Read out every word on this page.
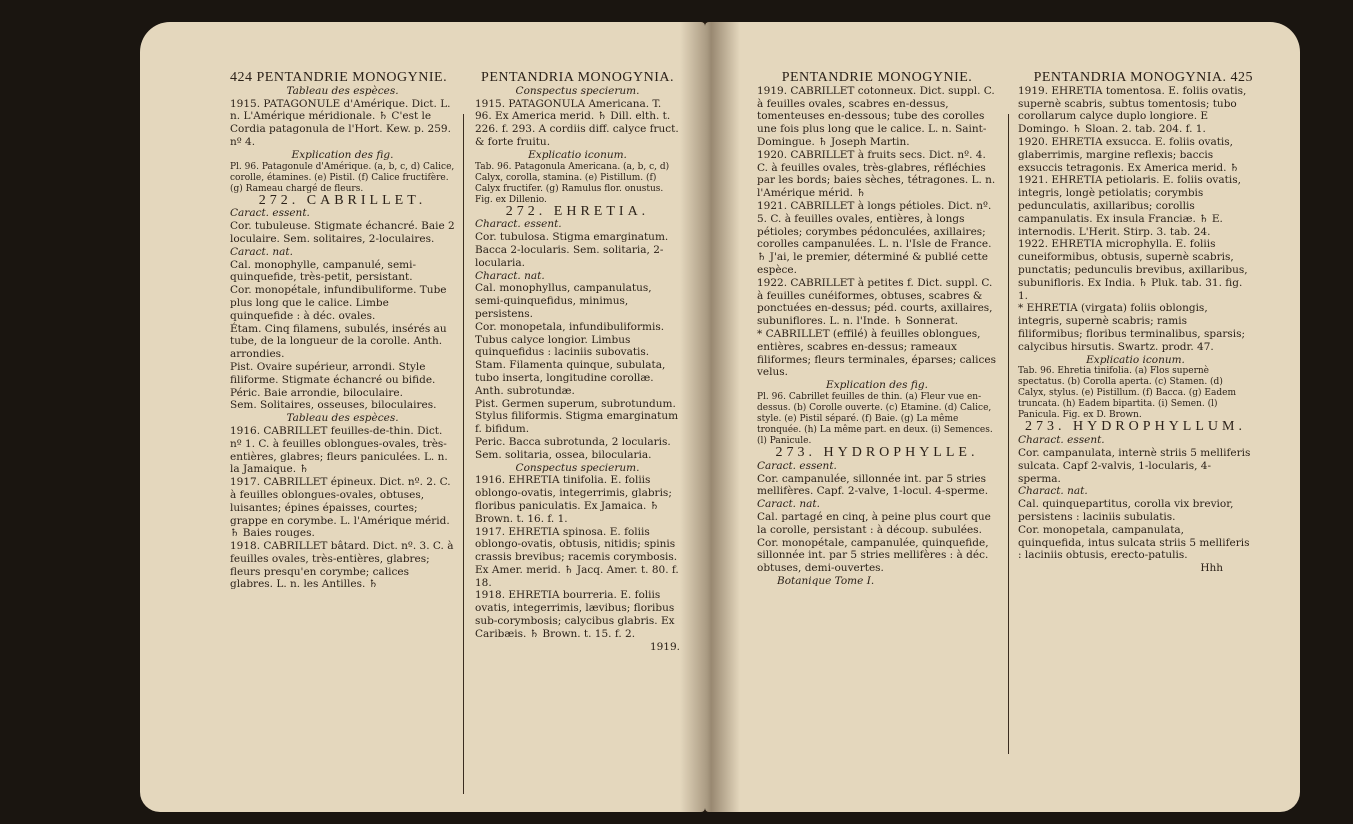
424 PENTANDRIE MONOGYNIE.

Tableau des espèces.

1915. PATAGONULE d'Amérique. Dict. L. n. L'Amérique méridionale. ♄ C'est le Cordia patagonula de l'Hort. Kew. p. 259. nº 4.

Explication des fig.

Pl. 96. Patagonule d'Amérique. (a, b, c, d) Calice, corolle, étamines. (e) Pistil. (f) Calice fructifère. (g) Rameau chargé de fleurs.

272. CABRILLET.

Caract. essent.

Cor. tubuleuse. Stigmate échancré. Baie 2 loculaire. Sem. solitaires, 2-loculaires.

Caract. nat.

Cal. monophylle, campanulé, semi-quinquefide, très-petit, persistant.

Cor. monopétale, infundibuliforme. Tube plus long que le calice. Limbe quinquefide : à déc. ovales.

Étam. Cinq filamens, subulés, insérés au tube, de la longueur de la corolle. Anth. arrondies.

Pist. Ovaire supérieur, arrondi. Style filiforme. Stigmate échancré ou bifide.

Péric. Baie arrondie, biloculaire.

Sem. Solitaires, osseuses, biloculaires.

Tableau des espèces.

1916. CABRILLET feuilles-de-thin. Dict. nº 1. C. à feuilles oblongues-ovales, très-entières, glabres; fleurs paniculées. L. n. la Jamaique. ♄

1917. CABRILLET épineux. Dict. nº. 2. C. à feuilles oblongues-ovales, obtuses, luisantes; épines épaisses, courtes; grappe en corymbe. L. l'Amérique mérid. ♄ Baies rouges.

1918. CABRILLET bâtard. Dict. nº. 3. C. à feuilles ovales, très-entières, glabres; fleurs presqu'en corymbe; calices glabres. L. n. les Antilles. ♄

PENTANDRIA MONOGYNIA.

Conspectus specierum.

1915. PATAGONULA Americana. T. 96. Ex America merid. ♄ Dill. elth. t. 226. f. 293. A cordiis diff. calyce fruct. & forte fruitu.

Explicatio iconum.

Tab. 96. Patagonula Americana. (a, b, c, d) Calyx, corolla, stamina. (e) Pistillum. (f) Calyx fructifer. (g) Ramulus flor. onustus. Fig. ex Dillenio.

272. EHRETIA.

Charact. essent.

Cor. tubulosa. Stigma emarginatum. Bacca 2-locularis. Sem. solitaria, 2-locularia.

Charact. nat.

Cal. monophyllus, campanulatus, semi-quinquefidus, minimus, persistens.

Cor. monopetala, infundibuliformis. Tubus calyce longior. Limbus quinquefidus : laciniis subovatis.

Stam. Filamenta quinque, subulata, tubo inserta, longitudine corollæ. Anth. subrotundæ.

Pist. Germen superum, subrotundum. Stylus filiformis. Stigma emarginatum f. bifidum.

Peric. Bacca subrotunda, 2 locularis.

Sem. solitaria, ossea, bilocularia.

Conspectus specierum.

1916. EHRETIA tinifolia. E. foliis oblongo-ovatis, integerrimis, glabris; floribus paniculatis. Ex Jamaica. ♄ Brown. t. 16. f. 1.

1917. EHRETIA spinosa. E. foliis oblongo-ovatis, obtusis, nitidis; spinis crassis brevibus; racemis corymbosis. Ex Amer. merid. ♄ Jacq. Amer. t. 80. f. 18.

1918. EHRETIA bourreria. E. foliis ovatis, integerrimis, lævibus; floribus sub-corymbosis; calycibus glabris. Ex Caribæis. ♄ Brown. t. 15. f. 2.

1919.

PENTANDRIE MONOGYNIE.

1919. CABRILLET cotonneux. Dict. suppl. C. à feuilles ovales, scabres en-dessus, tomenteuses en-dessous; tube des corolles une fois plus long que le calice. L. n. Saint-Domingue. ♄ Joseph Martin.

1920. CABRILLET à fruits secs. Dict. nº. 4. C. à feuilles ovales, très-glabres, réfléchies par les bords; baies sèches, tétragones. L. n. l'Amérique mérid. ♄

1921. CABRILLET à longs pétioles. Dict. nº. 5. C. à feuilles ovales, entières, à longs pétioles; corymbes pédonculées, axillaires; corolles campanulées. L. n. l'Isle de France. ♄ J'ai, le premier, déterminé & publié cette espèce.

1922. CABRILLET à petites f. Dict. suppl. C. à feuilles cunéiformes, obtuses, scabres & ponctuées en-dessus; péd. courts, axillaires, subuniflores. L. n. l'Inde. ♄ Sonnerat.

* CABRILLET (effilé) à feuilles oblongues, entières, scabres en-dessus; rameaux filiformes; fleurs terminales, éparses; calices velus.

Explication des fig.

Pl. 96. Cabrillet feuilles de thin. (a) Fleur vue en-dessus. (b) Corolle ouverte. (c) Etamine. (d) Calice, style. (e) Pistil séparé. (f) Baie. (g) La même tronquée. (h) La même part. en deux. (i) Semences. (l) Panicule.

273. HYDROPHYLLE.

Caract. essent.

Cor. campanulée, sillonnée int. par 5 stries mellifères. Capf. 2-valve, 1-locul. 4-sperme.

Caract. nat.

Cal. partagé en cinq, à peine plus court que la corolle, persistant : à découp. subulées.

Cor. monopétale, campanulée, quinquefide, sillonnée int. par 5 stries mellifères : à déc. obtuses, demi-ouvertes.

Botanique Tome I.

PENTANDRIA MONOGYNIA. 425

1919. EHRETIA tomentosa. E. foliis ovatis, supernè scabris, subtus tomentosis; tubo corollarum calyce duplo longiore. E Domingo. ♄ Sloan. 2. tab. 204. f. 1.

1920. EHRETIA exsucca. E. foliis ovatis, glaberrimis, margine reflexis; baccis exsuccis tetragonis. Ex America merid. ♄

1921. EHRETIA petiolaris. E. foliis ovatis, integris, longè petiolatis; corymbis pedunculatis, axillaribus; corollis campanulatis. Ex insula Franciæ. ♄ E. internodis. L'Herit. Stirp. 3. tab. 24.

1922. EHRETIA microphylla. E. foliis cuneiformibus, obtusis, supernè scabris, punctatis; pedunculis brevibus, axillaribus, subunifloris. Ex India. ♄ Pluk. tab. 31. fig. 1.

* EHRETIA (virgata) foliis oblongis, integris, supernè scabris; ramis filiformibus; floribus terminalibus, sparsis; calycibus hirsutis. Swartz. prodr. 47.

Explicatio iconum.

Tab. 96. Ehretia tinifolia. (a) Flos supernè spectatus. (b) Corolla aperta. (c) Stamen. (d) Calyx, stylus. (e) Pistillum. (f) Bacca. (g) Eadem truncata. (h) Eadem bipartita. (i) Semen. (l) Panicula. Fig. ex D. Brown.

273. HYDROPHYLLUM.

Charact. essent.

Cor. campanulata, internè striis 5 melliferis sulcata. Capf 2-valvis, 1-locularis, 4-sperma.

Charact. nat.

Cal. quinquepartitus, corolla vix brevior, persistens : laciniis subulatis.

Cor. monopetala, campanulata, quinquefida, intus sulcata striis 5 melliferis : laciniis obtusis, erecto-patulis.

Hhh
